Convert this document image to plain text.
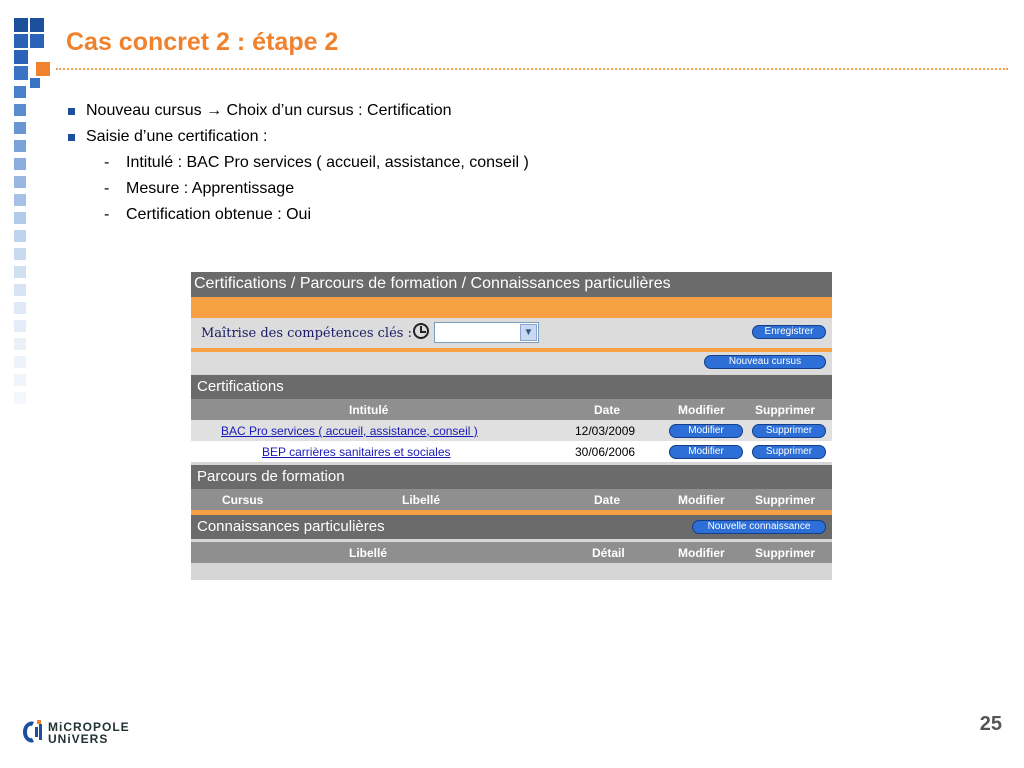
Cas concret 2 : étape 2
Nouveau cursus → Choix d’un cursus : Certification
Saisie d’une certification :
- Intitulé : BAC Pro services ( accueil, assistance, conseil )
- Mesure : Apprentissage
- Certification obtenue : Oui
Certifications / Parcours de formation / Connaissances particulières
Maîtrise des compétences clés :	▼	Enregistrer
Nouveau cursus
Certifications
Intitulé	Date	Modifier	Supprimer
BAC Pro services ( accueil, assistance, conseil )	12/03/2009	Modifier	Supprimer
BEP carrières sanitaires et sociales	30/06/2006	Modifier	Supprimer
Parcours de formation
Cursus	Libellé	Date	Modifier	Supprimer
Connaissances particulières	Nouvelle connaissance
Libellé	Détail	Modifier	Supprimer
MiCROPOLE
UNiVERS
25
